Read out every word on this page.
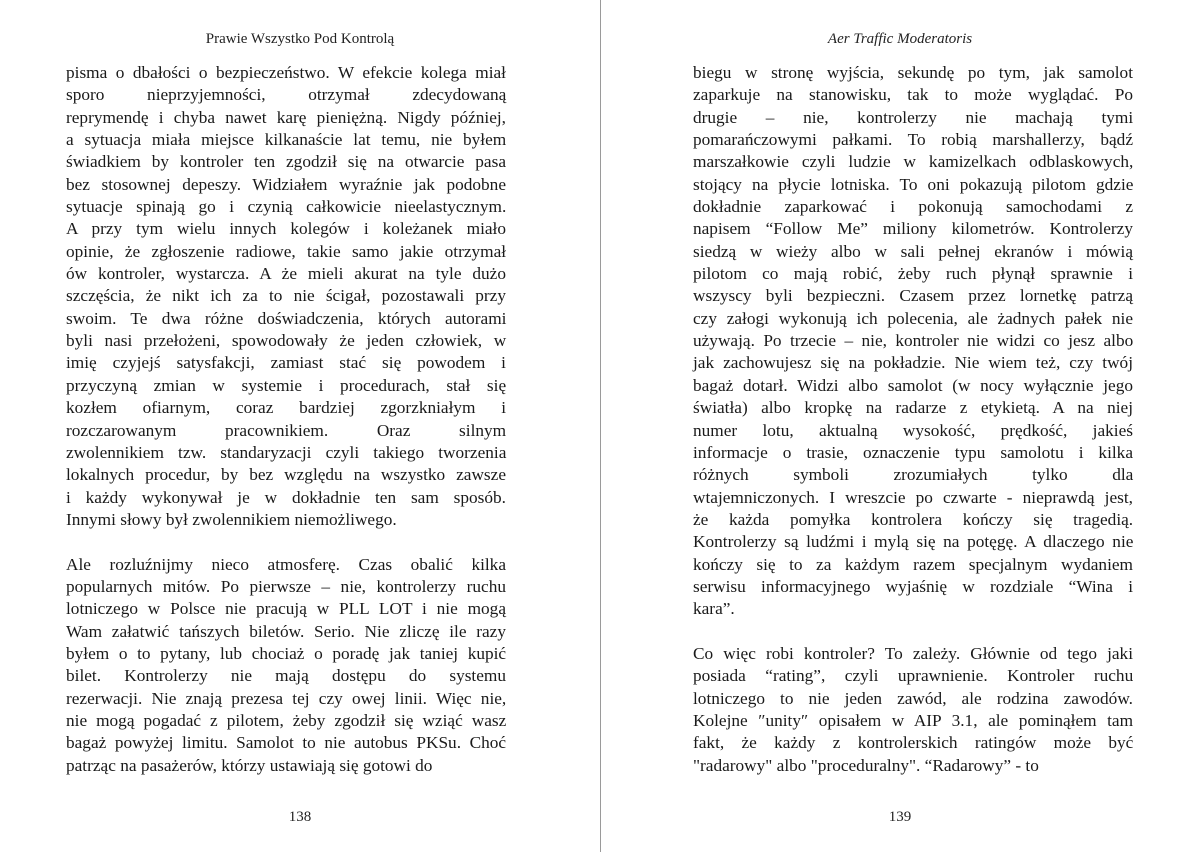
Prawie Wszystko Pod Kontrolą
pisma o dbałości o bezpieczeństwo. W efekcie kolega miał
sporo nieprzyjemności, otrzymał zdecydowaną
reprymendę i chyba nawet karę pieniężną. Nigdy później,
a sytuacja miała miejsce kilkanaście lat temu, nie byłem
świadkiem by kontroler ten zgodził się na otwarcie pasa
bez stosownej depeszy. Widziałem wyraźnie jak podobne
sytuacje spinają go i czynią całkowicie nieelastycznym.
A przy tym wielu innych kolegów i koleżanek miało
opinie, że zgłoszenie radiowe, takie samo jakie otrzymał
ów kontroler, wystarcza. A że mieli akurat na tyle dużo
szczęścia, że nikt ich za to nie ścigał, pozostawali przy
swoim. Te dwa różne doświadczenia, których autorami
byli nasi przełożeni, spowodowały że jeden człowiek, w
imię czyjejś satysfakcji, zamiast stać się powodem i
przyczyną zmian w systemie i procedurach, stał się
kozłem ofiarnym, coraz bardziej zgorzkniałym i
rozczarowanym pracownikiem. Oraz silnym
zwolennikiem tzw. standaryzacji czyli takiego tworzenia
lokalnych procedur, by bez względu na wszystko zawsze
i każdy wykonywał je w dokładnie ten sam sposób.
Innymi słowy był zwolennikiem niemożliwego.
Ale rozluźnijmy nieco atmosferę. Czas obalić kilka
popularnych mitów. Po pierwsze – nie, kontrolerzy ruchu
lotniczego w Polsce nie pracują w PLL LOT i nie mogą
Wam załatwić tańszych biletów. Serio. Nie zliczę ile razy
byłem o to pytany, lub chociaż o poradę jak taniej kupić
bilet. Kontrolerzy nie mają dostępu do systemu
rezerwacji. Nie znają prezesa tej czy owej linii. Więc nie,
nie mogą pogadać z pilotem, żeby zgodził się wziąć wasz
bagaż powyżej limitu. Samolot to nie autobus PKSu. Choć
patrząc na pasażerów, którzy ustawiają się gotowi do
138
Aer Traffic Moderatoris
biegu w stronę wyjścia, sekundę po tym, jak samolot
zaparkuje na stanowisku, tak to może wyglądać. Po
drugie – nie, kontrolerzy nie machają tymi
pomarańczowymi pałkami. To robią marshallerzy, bądź
marszałkowie czyli ludzie w kamizelkach odblaskowych,
stojący na płycie lotniska. To oni pokazują pilotom gdzie
dokładnie zaparkować i pokonują samochodami z
napisem “Follow Me” miliony kilometrów. Kontrolerzy
siedzą w wieży albo w sali pełnej ekranów i mówią
pilotom co mają robić, żeby ruch płynął sprawnie i
wszyscy byli bezpieczni. Czasem przez lornetkę patrzą
czy załogi wykonują ich polecenia, ale żadnych pałek nie
używają. Po trzecie – nie, kontroler nie widzi co jesz albo
jak zachowujesz się na pokładzie. Nie wiem też, czy twój
bagaż dotarł. Widzi albo samolot (w nocy wyłącznie jego
światła) albo kropkę na radarze z etykietą. A na niej
numer lotu, aktualną wysokość, prędkość, jakieś
informacje o trasie, oznaczenie typu samolotu i kilka
różnych symboli zrozumiałych tylko dla
wtajemniczonych. I wreszcie po czwarte - nieprawdą jest,
że każda pomyłka kontrolera kończy się tragedią.
Kontrolerzy są ludźmi i mylą się na potęgę. A dlaczego nie
kończy się to za każdym razem specjalnym wydaniem
serwisu informacyjnego wyjaśnię w rozdziale “Wina i
kara”.
Co więc robi kontroler? To zależy. Głównie od tego jaki
posiada “rating”, czyli uprawnienie. Kontroler ruchu
lotniczego to nie jeden zawód, ale rodzina zawodów.
Kolejne ″unity″ opisałem w AIP 3.1, ale pominąłem tam
fakt, że każdy z kontrolerskich ratingów może być
"radarowy" albo "proceduralny". “Radarowy” - to
139
